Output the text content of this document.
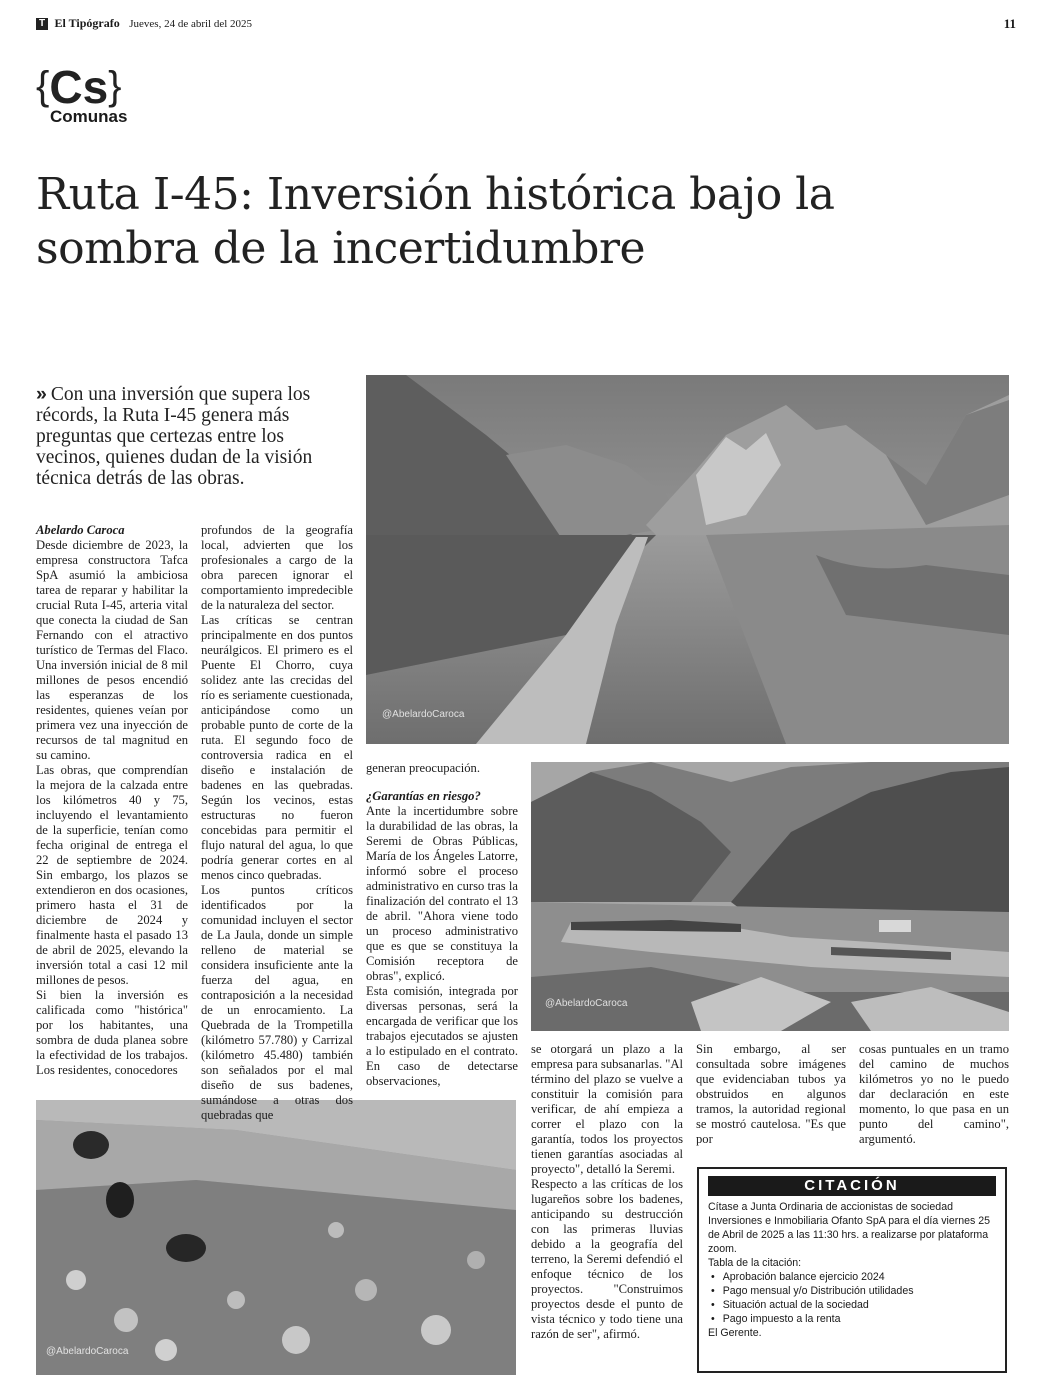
T El Tipógrafo Jueves, 24 de abril del 2025	11
{Cs}
Comunas
Ruta I-45: Inversión histórica bajo la
sombra de la incertidumbre
» Con una inversión que supera los récords, la Ruta I-45 genera más preguntas que certezas entre los vecinos, quienes dudan de la visión técnica detrás de las obras.
@AbelardoCaroca
@AbelardoCaroca
@AbelardoCaroca

Abelardo Caroca

Desde diciembre de 2023, la empresa constructora Tafca SpA asumió la ambiciosa tarea de reparar y habilitar la crucial Ruta I-45, arteria vital que conecta la ciudad de San Fernando con el atractivo turístico de Termas del Flaco. Una inversión inicial de 8 mil millones de pesos encendió las esperanzas de los residentes, quienes veían por primera vez una inyección de recursos de tal magnitud en su camino.

Las obras, que comprendían la mejora de la calzada entre los kilómetros 40 y 75, incluyendo el levantamiento de la superficie, tenían como fecha original de entrega el 22 de septiembre de 2024. Sin embargo, los plazos se extendieron en dos ocasiones, primero hasta el 31 de diciembre de 2024 y finalmente hasta el pasado 13 de abril de 2025, elevando la inversión total a casi 12 mil millones de pesos.

Si bien la inversión es calificada como "histórica" por los habitantes, una sombra de duda planea sobre la efectividad de los trabajos. Los residentes, conocedores

profundos de la geografía local, advierten que los profesionales a cargo de la obra parecen ignorar el comportamiento impredecible de la naturaleza del sector.

Las críticas se centran principalmente en dos puntos neurálgicos. El primero es el Puente El Chorro, cuya solidez ante las crecidas del río es seriamente cuestionada, anticipándose como un probable punto de corte de la ruta. El segundo foco de controversia radica en el diseño e instalación de badenes en las quebradas. Según los vecinos, estas estructuras no fueron concebidas para permitir el flujo natural del agua, lo que podría generar cortes en al menos cinco quebradas.

Los puntos críticos identificados por la comunidad incluyen el sector de La Jaula, donde un simple relleno de material se considera insuficiente ante la fuerza del agua, en contraposición a la necesidad de un enrocamiento. La Quebrada de la Trompetilla (kilómetro 57.780) y Carrizal (kilómetro 45.480) también son señalados por el mal diseño de sus badenes, sumándose a otras dos quebradas que

generan preocupación.

¿Garantías en riesgo?

Ante la incertidumbre sobre la durabilidad de las obras, la Seremi de Obras Públicas, María de los Ángeles Latorre, informó sobre el proceso administrativo en curso tras la finalización del contrato el 13 de abril. "Ahora viene todo un proceso administrativo que es que se constituya la Comisión receptora de obras", explicó.

Esta comisión, integrada por diversas personas, será la encargada de verificar que los trabajos ejecutados se ajusten a lo estipulado en el contrato. En caso de detectarse observaciones,

se otorgará un plazo a la empresa para subsanarlas. "Al término del plazo se vuelve a constituir la comisión para verificar, de ahí empieza a correr el plazo con la garantía, todos los proyectos tienen garantías asociadas al proyecto", detalló la Seremi.

Respecto a las críticas de los lugareños sobre los badenes, anticipando su destrucción con las primeras lluvias debido a la geografía del terreno, la Seremi defendió el enfoque técnico de los proyectos. "Construimos proyectos desde el punto de vista técnico y todo tiene una razón de ser", afirmó.

Sin embargo, al ser consultada sobre imágenes que evidenciaban tubos ya obstruidos en algunos tramos, la autoridad regional se mostró cautelosa. "Es que por

cosas puntuales en un tramo del camino de muchos kilómetros yo no le puedo dar declaración en este momento, lo que pasa en un punto del camino", argumentó.

CITACIÓN
Cítase a Junta Ordinaria de accionistas de sociedad Inversiones e Inmobiliaria Ofanto SpA para el día viernes 25 de Abril de 2025 a las 11:30 hrs. a realizarse por plataforma zoom.
Tabla de la citación:
• Aprobación balance ejercicio 2024
• Pago mensual y/o Distribución utilidades
• Situación actual de la sociedad
• Pago impuesto a la renta
El Gerente.
